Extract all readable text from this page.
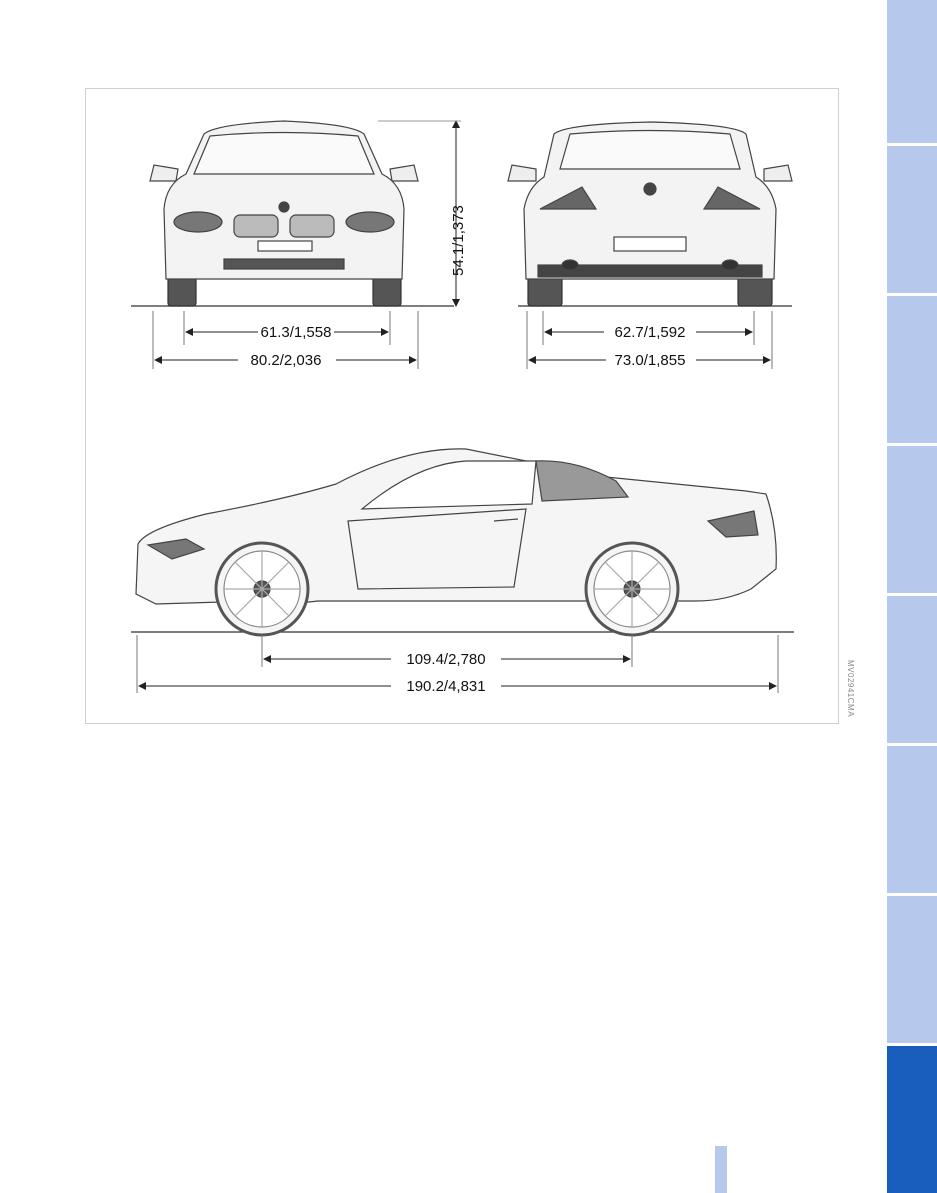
54.1/1,373
61.3/1,558
80.2/2,036
62.7/1,592
73.0/1,855
109.4/2,780
190.2/4,831	MV02941CMA
